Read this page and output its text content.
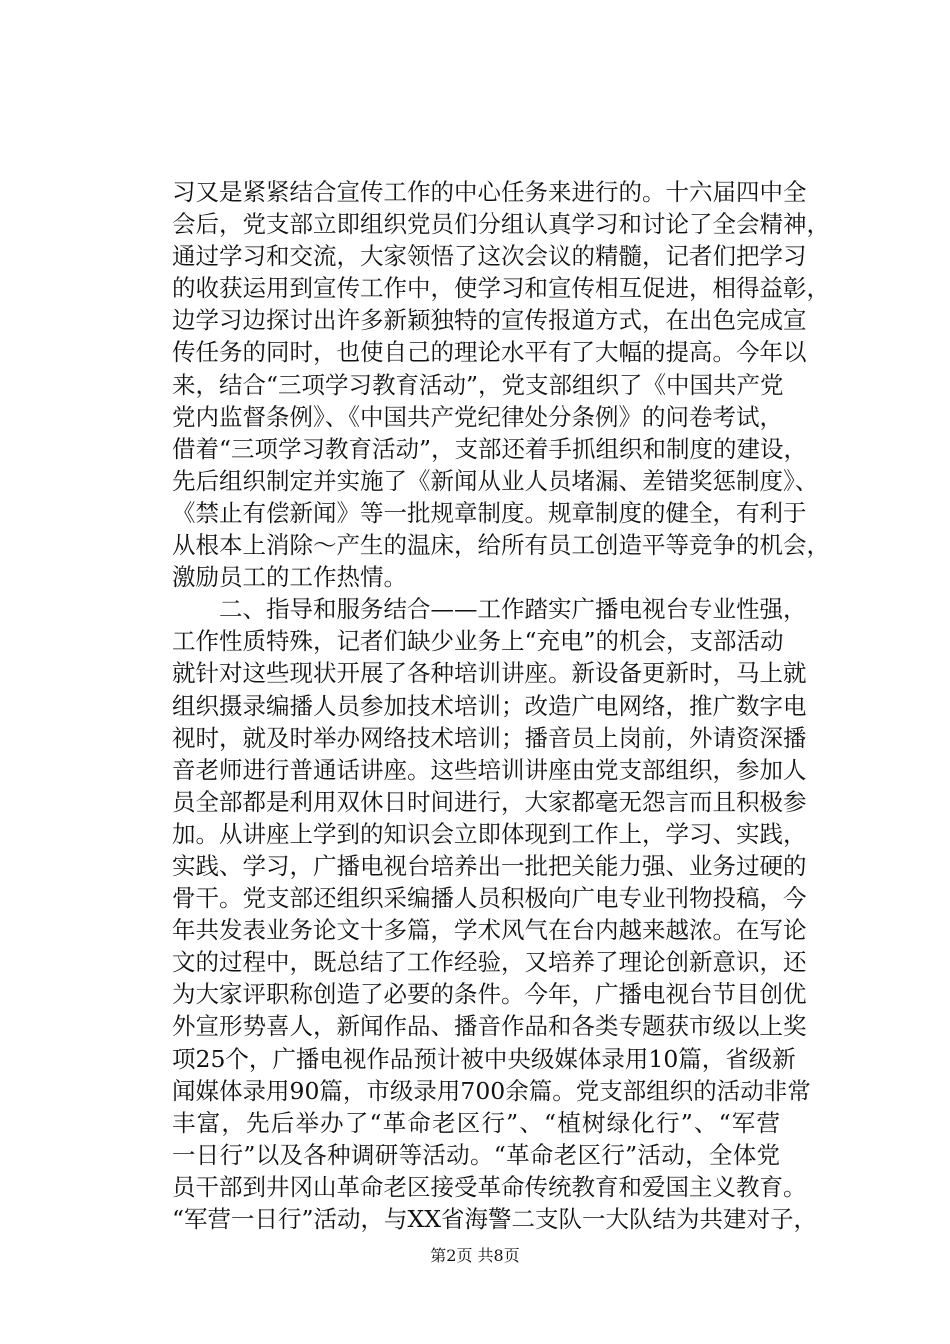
习又是紧紧结合宣传工作的中心任务来进行的。十六届四中全
会后，党支部立即组织党员们分组认真学习和讨论了全会精神，
通过学习和交流，大家领悟了这次会议的精髓，记者们把学习
的收获运用到宣传工作中，使学习和宣传相互促进，相得益彰，
边学习边探讨出许多新颖独特的宣传报道方式，在出色完成宣
传任务的同时，也使自己的理论水平有了大幅的提高。今年以
来，结合“三项学习教育活动”，党支部组织了《中国共产党
党内监督条例》、《中国共产党纪律处分条例》的问卷考试，
借着“三项学习教育活动”，支部还着手抓组织和制度的建设，
先后组织制定并实施了《新闻从业人员堵漏、差错奖惩制度》、
《禁止有偿新闻》等一批规章制度。规章制度的健全，有利于
从根本上消除～产生的温床，给所有员工创造平等竞争的机会，
激励员工的工作热情。
　　二、指导和服务结合——工作踏实广播电视台专业性强，
工作性质特殊，记者们缺少业务上“充电”的机会，支部活动
就针对这些现状开展了各种培训讲座。新设备更新时，马上就
组织摄录编播人员参加技术培训；改造广电网络，推广数字电
视时，就及时举办网络技术培训；播音员上岗前，外请资深播
音老师进行普通话讲座。这些培训讲座由党支部组织，参加人
员全部都是利用双休日时间进行，大家都毫无怨言而且积极参
加。从讲座上学到的知识会立即体现到工作上，学习、实践，
实践、学习，广播电视台培养出一批把关能力强、业务过硬的
骨干。党支部还组织采编播人员积极向广电专业刊物投稿，今
年共发表业务论文十多篇，学术风气在台内越来越浓。在写论
文的过程中，既总结了工作经验，又培养了理论创新意识，还
为大家评职称创造了必要的条件。今年，广播电视台节目创优
外宣形势喜人，新闻作品、播音作品和各类专题获市级以上奖
项25个，广播电视作品预计被中央级媒体录用10篇，省级新
闻媒体录用90篇，市级录用700余篇。党支部组织的活动非常
丰富，先后举办了“革命老区行”、“植树绿化行”、“军营
一日行”以及各种调研等活动。“革命老区行”活动，全体党
员干部到井冈山革命老区接受革命传统教育和爱国主义教育。
“军营一日行”活动，与XX省海警二支队一大队结为共建对子，
第2页 共8页
